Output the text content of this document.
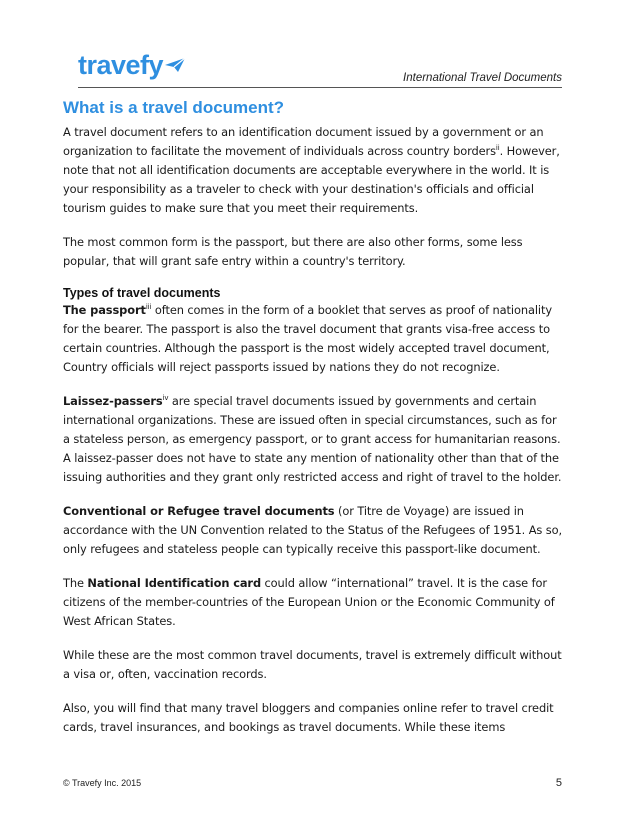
travefy	International Travel Documents
What is a travel document?

A travel document refers to an identification document issued by a government or an organization to facilitate the movement of individuals across country borders$^{ii}$. However, note that not all identification documents are acceptable everywhere in the world. It is your responsibility as a traveler to check with your destination's officials and official tourism guides to make sure that you meet their requirements.

The most common form is the passport, but there are also other forms, some less popular, that will grant safe entry within a country's territory.

Types of travel documents

The passport$^{iii}$ often comes in the form of a booklet that serves as proof of nationality for the bearer. The passport is also the travel document that grants visa-free access to certain countries. Although the passport is the most widely accepted travel document, Country officials will reject passports issued by nations they do not recognize.

Laissez-passers$^{iv}$ are special travel documents issued by governments and certain international organizations. These are issued often in special circumstances, such as for a stateless person, as emergency passport, or to grant access for humanitarian reasons. A laissez-passer does not have to state any mention of nationality other than that of the issuing authorities and they grant only restricted access and right of travel to the holder.

Conventional or Refugee travel documents (or Titre de Voyage) are issued in accordance with the UN Convention related to the Status of the Refugees of 1951. As so, only refugees and stateless people can typically receive this passport-like document.

The National Identification card could allow “international” travel. It is the case for citizens of the member-countries of the European Union or the Economic Community of West African States.

While these are the most common travel documents, travel is extremely difficult without a visa or, often, vaccination records.

Also, you will find that many travel bloggers and companies online refer to travel credit cards, travel insurances, and bookings as travel documents. While these items

© Travefy Inc. 2015	5
